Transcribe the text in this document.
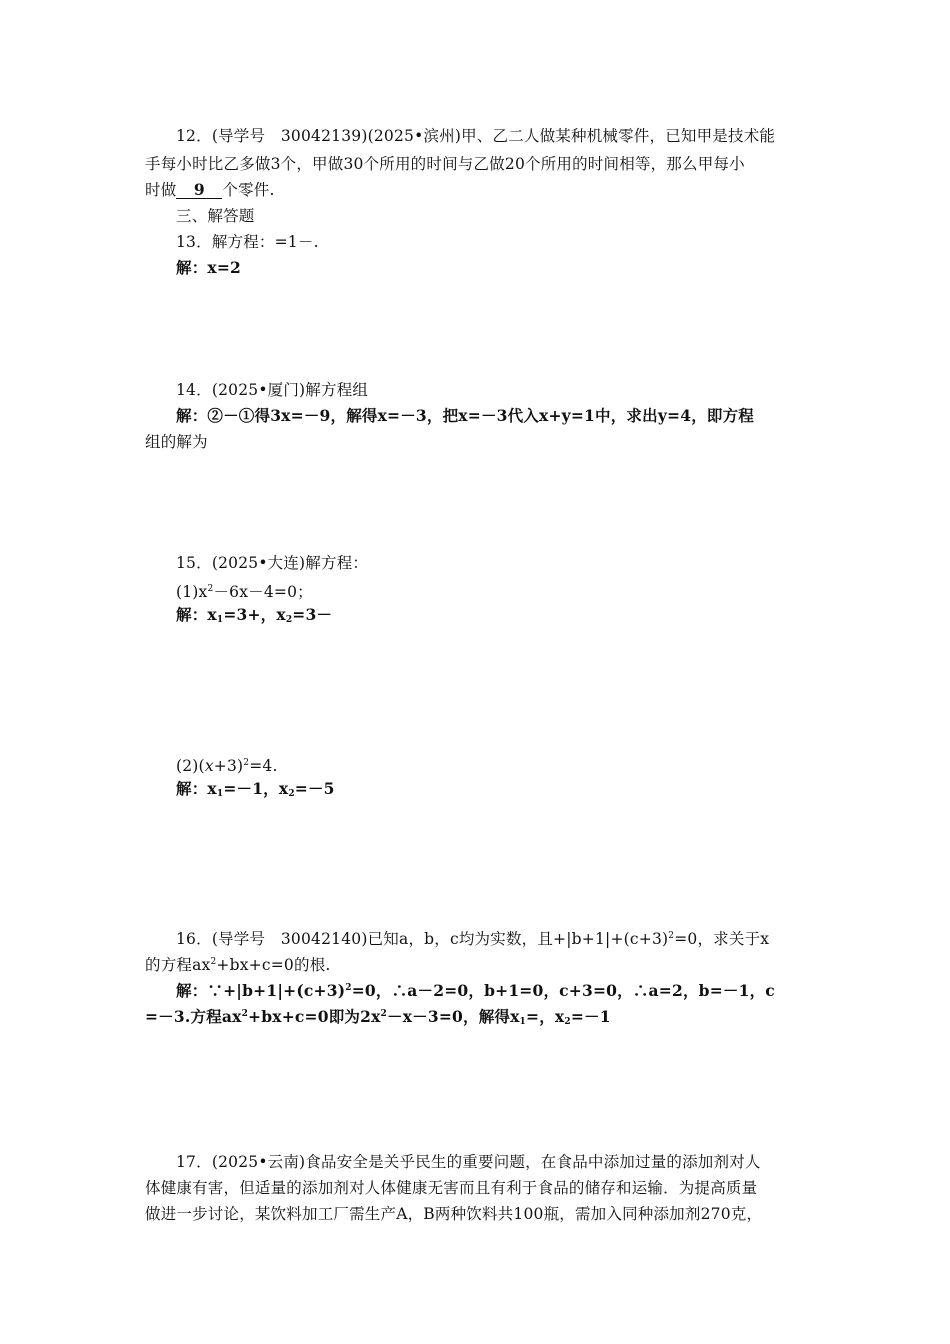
12．(导学号　30042139)(2025•滨州)甲、乙二人做某种机械零件，已知甲是技术能
手每小时比乙多做3个，甲做30个所用的时间与乙做20个所用的时间相等，那么甲每小
时做 9 个零件.
三、解答题
13．解方程：=1－.
解：x=2
14．(2025•厦门)解方程组
解：②－①得3x=－9，解得x=－3，把x=－3代入x+y=1中，求出y=4，即方程
组的解为
15．(2025•大连)解方程：
$(1)x^2-6x-4=0$；
解：$x_1=3+$，$x_2=3-$
$(2)(x+3)^2=4$.
解：$x_1=-1$，$x_2=-5$
16．(导学号　30042140)已知a，b，c均为实数，且$+|b+1|+(c+3)^2=0$，求关于x
的方程$ax^2+bx+c=0$的根.
解：$\because+|b+1|+(c+3)^2=0$，∴a－2=0，b+1=0，c+3=0，∴a=2，b=－1，c
=－3.方程$ax^2+bx+c=0$即为$2x^2-x-3=0$，解得$x_1=$，$x_2=-1$
17．(2025•云南)食品安全是关乎民生的重要问题，在食品中添加过量的添加剂对人
体健康有害，但适量的添加剂对人体健康无害而且有利于食品的储存和运输．为提高质量
做进一步讨论，某饮料加工厂需生产A，B两种饮料共100瓶，需加入同种添加剂270克，
